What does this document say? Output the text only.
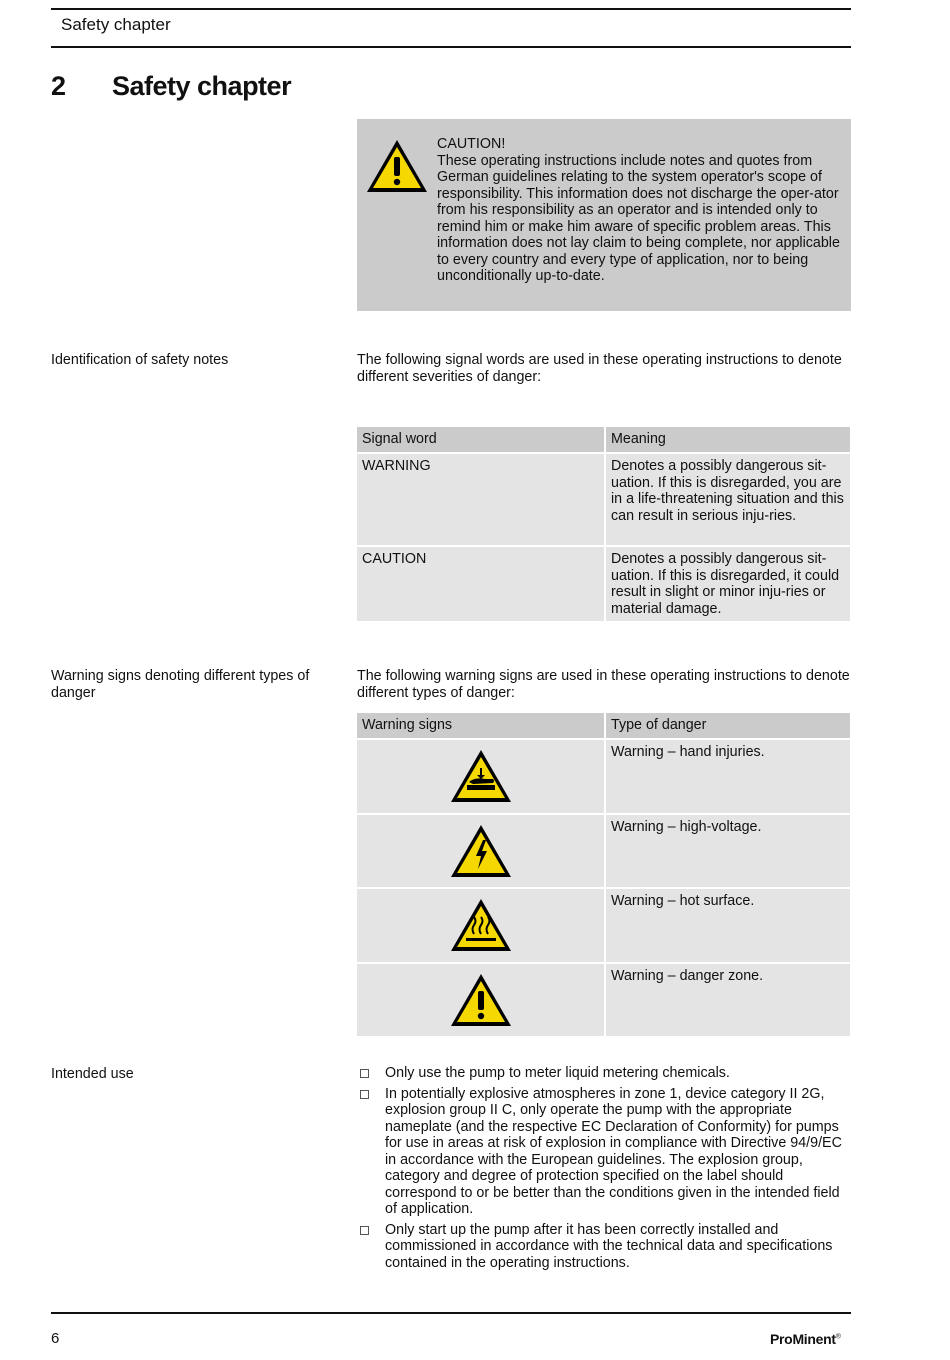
Safety chapter
2 Safety chapter

CAUTION!

These operating instructions include notes and quotes from German guidelines relating to the system operator's scope of responsibility. This information does not discharge the oper-ator from his responsibility as an operator and is intended only to remind him or make him aware of specific problem areas. This information does not lay claim to being complete, nor applicable to every country and every type of application, nor to being unconditionally up-to-date.

Identification of safety notes	The following signal words are used in these operating instructions to denote different severities of danger:
Signal word	Meaning
WARNING	Denotes a possibly dangerous sit-uation. If this is disregarded, you are in a life-threatening situation and this can result in serious inju-ries.
CAUTION	Denotes a possibly dangerous sit-uation. If this is disregarded, it could result in slight or minor inju-ries or material damage.
Warning signs denoting different types of danger
The following warning signs are used in these operating instructions to denote different types of danger:
Warning signs	Type of danger
	Warning – hand injuries.
	Warning – high-voltage.
	Warning – hot surface.
	Warning – danger zone.
Intended use	Only use the pump to meter liquid metering chemicals.
In potentially explosive atmospheres in zone 1, device category II 2G, explosion group II C, only operate the pump with the appropriate nameplate (and the respective EC Declaration of Conformity) for pumps for use in areas at risk of explosion in compliance with Directive 94/9/EC in accordance with the European guidelines. The explosion group, category and degree of protection specified on the label should correspond to or be better than the conditions given in the intended field of application.
Only start up the pump after it has been correctly installed and commissioned in accordance with the technical data and specifications contained in the operating instructions.
6	ProMinent®
